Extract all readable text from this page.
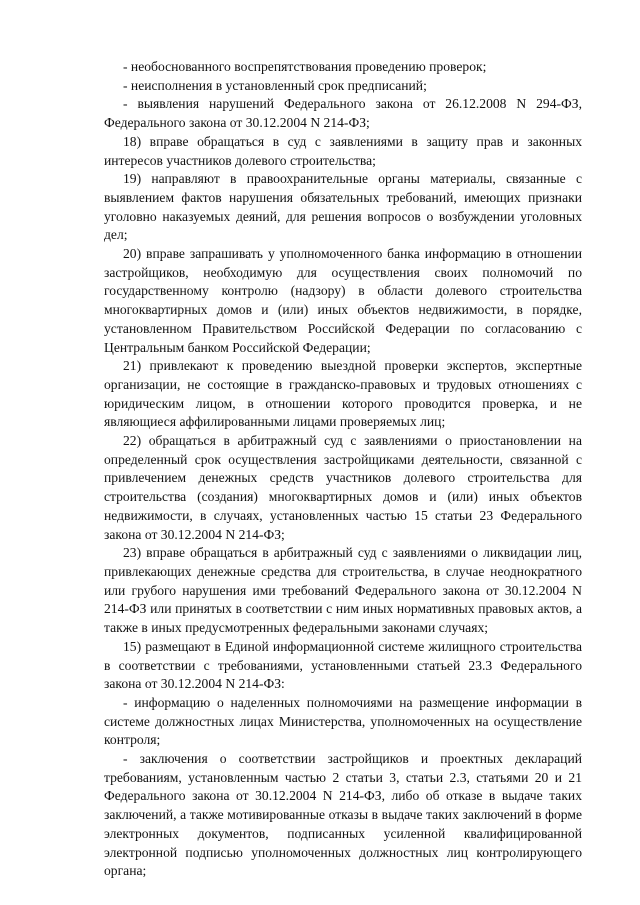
- необоснованного воспрепятствования проведению проверок;

- неисполнения в установленный срок предписаний;

- выявления нарушений Федерального закона от 26.12.2008 N 294-ФЗ, Федерального закона от 30.12.2004 N 214-ФЗ;

18) вправе обращаться в суд с заявлениями в защиту прав и законных интересов участников долевого строительства;

19) направляют в правоохранительные органы материалы, связанные с выявлением фактов нарушения обязательных требований, имеющих признаки уголовно наказуемых деяний, для решения вопросов о возбуждении уголовных дел;

20) вправе запрашивать у уполномоченного банка информацию в отношении застройщиков, необходимую для осуществления своих полномочий по государственному контролю (надзору) в области долевого строительства многоквартирных домов и (или) иных объектов недвижимости, в порядке, установленном Правительством Российской Федерации по согласованию с Центральным банком Российской Федерации;

21) привлекают к проведению выездной проверки экспертов, экспертные организации, не состоящие в гражданско-правовых и трудовых отношениях с юридическим лицом, в отношении которого проводится проверка, и не являющиеся аффилированными лицами проверяемых лиц;

22) обращаться в арбитражный суд с заявлениями о приостановлении на определенный срок осуществления застройщиками деятельности, связанной с привлечением денежных средств участников долевого строительства для строительства (создания) многоквартирных домов и (или) иных объектов недвижимости, в случаях, установленных частью 15 статьи 23 Федерального закона от 30.12.2004 N 214-ФЗ;

23) вправе обращаться в арбитражный суд с заявлениями о ликвидации лиц, привлекающих денежные средства для строительства, в случае неоднократного или грубого нарушения ими требований Федерального закона от 30.12.2004 N 214-ФЗ или принятых в соответствии с ним иных нормативных правовых актов, а также в иных предусмотренных федеральными законами случаях;

15) размещают в Единой информационной системе жилищного строительства в соответствии с требованиями, установленными статьей 23.3 Федерального закона от 30.12.2004 N 214-ФЗ:

- информацию о наделенных полномочиями на размещение информации в системе должностных лицах Министерства, уполномоченных на осуществление контроля;

- заключения о соответствии застройщиков и проектных деклараций требованиям, установленным частью 2 статьи 3, статьи 2.3, статьями 20 и 21 Федерального закона от 30.12.2004 N 214-ФЗ, либо об отказе в выдаче таких заключений, а также мотивированные отказы в выдаче таких заключений в форме электронных документов, подписанных усиленной квалифицированной электронной подписью уполномоченных должностных лиц контролирующего органа;
